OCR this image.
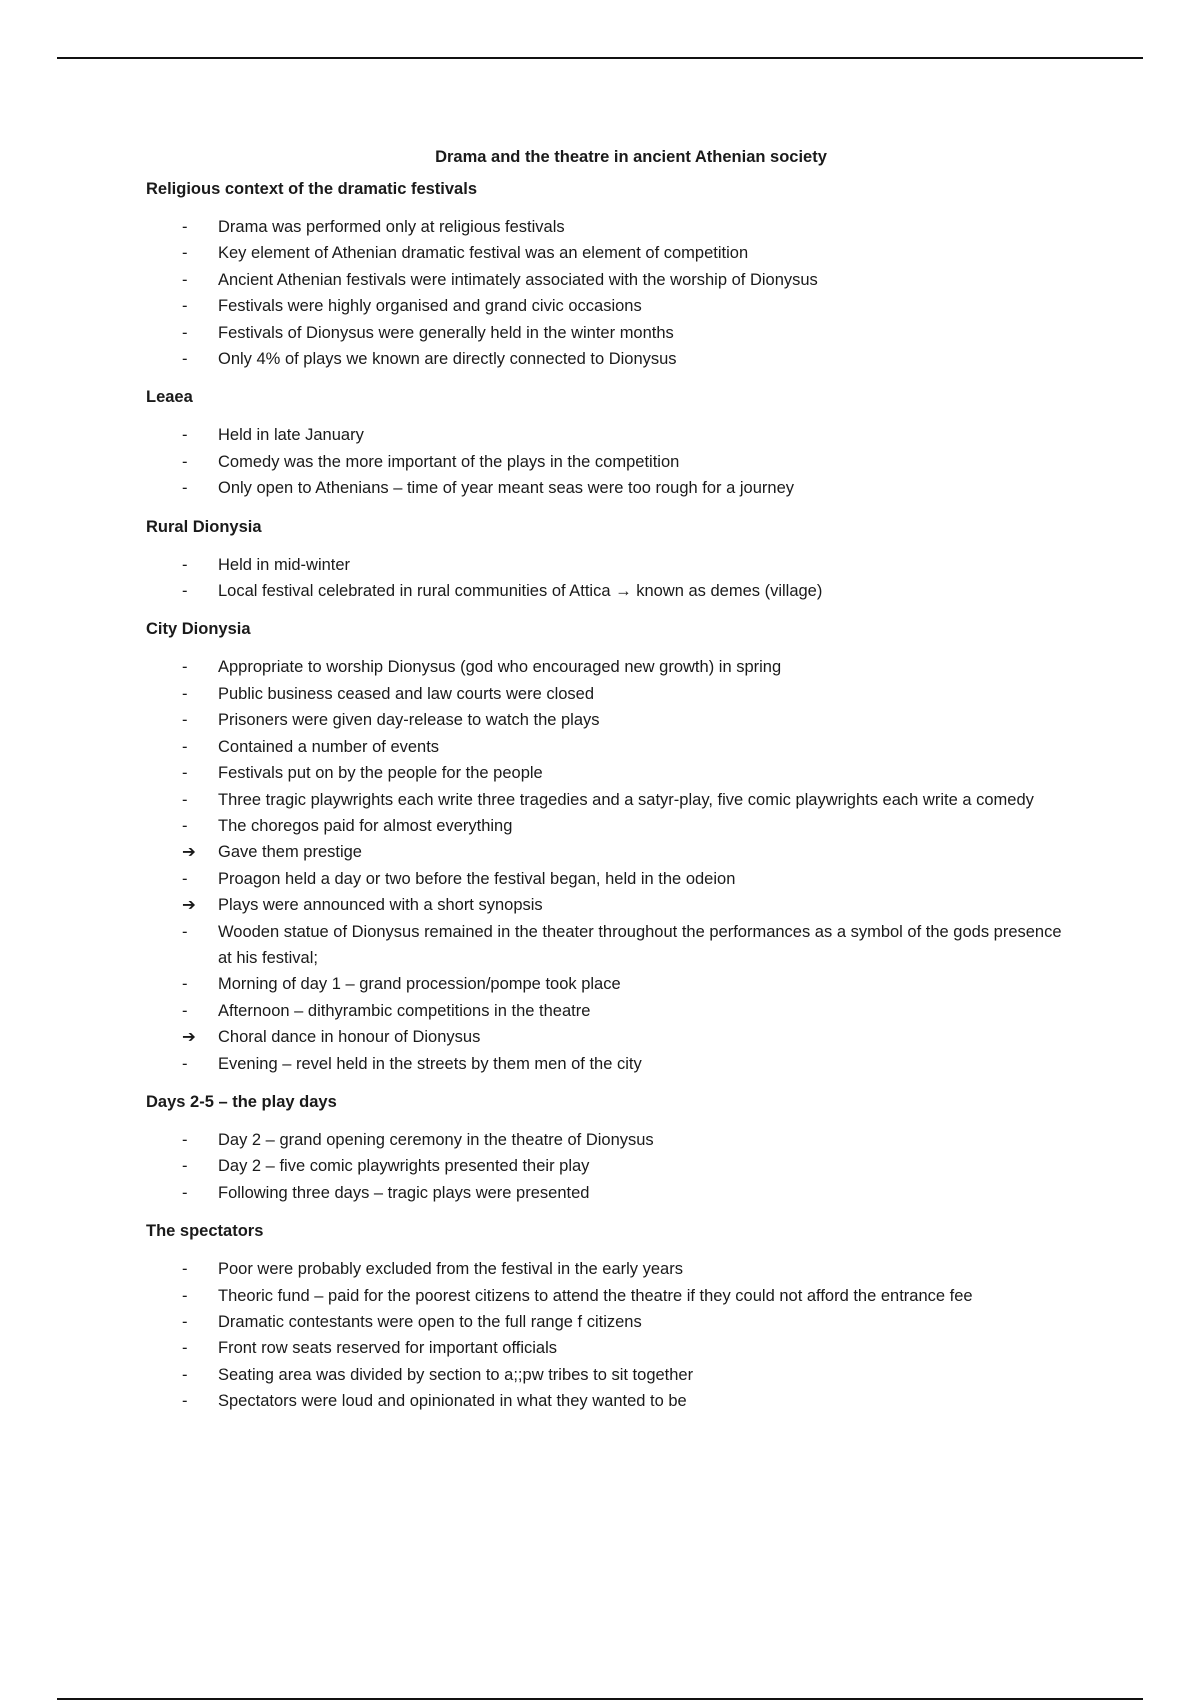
Drama and the theatre in ancient Athenian society
Religious context of the dramatic festivals
-	Drama was performed only at religious festivals
-	Key element of Athenian dramatic festival was an element of competition
-	Ancient Athenian festivals were intimately associated with the worship of Dionysus
-	Festivals were highly organised and grand civic occasions
-	Festivals of Dionysus were generally held in the winter months
-	Only 4% of plays we known are directly connected to Dionysus
Leaea
-	Held in late January
-	Comedy was the more important of the plays in the competition
-	Only open to Athenians – time of year meant seas were too rough for a journey
Rural Dionysia
-	Held in mid-winter
-	Local festival celebrated in rural communities of Attica → known as demes (village)
City Dionysia
-	Appropriate to worship Dionysus (god who encouraged new growth) in spring
-	Public business ceased and law courts were closed
-	Prisoners were given day-release to watch the plays
-	Contained a number of events
-	Festivals put on by the people for the people
-	Three tragic playwrights each write three tragedies and a satyr-play, five comic playwrights each write a comedy
-	The choregos paid for almost everything
➔	Gave them prestige
-	Proagon held a day or two before the festival began, held in the odeion
➔	Plays were announced with a short synopsis
-	Wooden statue of Dionysus remained in the theater throughout the performances as a symbol of the gods presence at his festival;
-	Morning of day 1 – grand procession/pompe took place
-	Afternoon – dithyrambic competitions in the theatre
➔	Choral dance in honour of Dionysus
-	Evening – revel held in the streets by them men of the city
Days 2-5 – the play days
-	Day 2 – grand opening ceremony in the theatre of Dionysus
-	Day 2 – five comic playwrights presented their play
-	Following three days – tragic plays were presented
The spectators
-	Poor were probably excluded from the festival in the early years
-	Theoric fund – paid for the poorest citizens to attend the theatre if they could not afford the entrance fee
-	Dramatic contestants were open to the full range f citizens
-	Front row seats reserved for important officials
-	Seating area was divided by section to a;;pw tribes to sit together
-	Spectators were loud and opinionated in what they wanted to be
